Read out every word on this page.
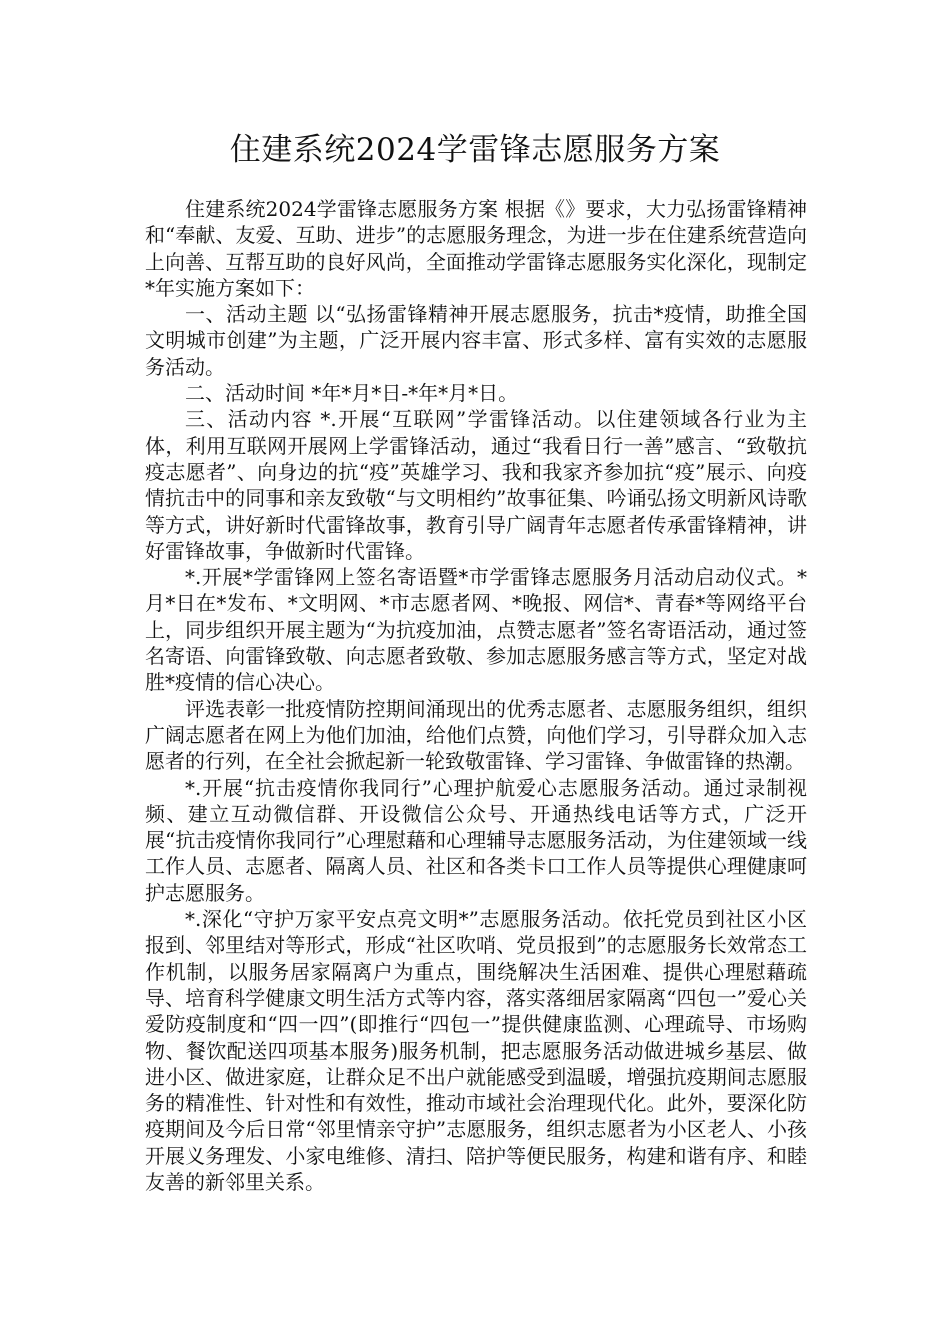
住建系统2024学雷锋志愿服务方案

住建系统2024学雷锋志愿服务方案 根据《》要求，大力弘扬雷锋精神和“奉献、友爱、互助、进步”的志愿服务理念，为进一步在住建系统营造向上向善、互帮互助的良好风尚，全面推动学雷锋志愿服务实化深化，现制定*年实施方案如下：

一、活动主题 以“弘扬雷锋精神开展志愿服务，抗击*疫情，助推全国文明城市创建”为主题，广泛开展内容丰富、形式多样、富有实效的志愿服务活动。

二、活动时间 *年*月*日-*年*月*日。

三、活动内容 *.开展“互联网”学雷锋活动。以住建领域各行业为主体，利用互联网开展网上学雷锋活动，通过“我看日行一善”感言、“致敬抗疫志愿者”、向身边的抗“疫”英雄学习、我和我家齐参加抗“疫”展示、向疫情抗击中的同事和亲友致敬“与文明相约”故事征集、吟诵弘扬文明新风诗歌等方式，讲好新时代雷锋故事，教育引导广阔青年志愿者传承雷锋精神，讲好雷锋故事，争做新时代雷锋。

*.开展*学雷锋网上签名寄语暨*市学雷锋志愿服务月活动启动仪式。*月*日在*发布、*文明网、*市志愿者网、*晚报、网信*、青春*等网络平台上，同步组织开展主题为“为抗疫加油，点赞志愿者”签名寄语活动，通过签名寄语、向雷锋致敬、向志愿者致敬、参加志愿服务感言等方式，坚定对战胜*疫情的信心决心。

评选表彰一批疫情防控期间涌现出的优秀志愿者、志愿服务组织，组织广阔志愿者在网上为他们加油，给他们点赞，向他们学习，引导群众加入志愿者的行列，在全社会掀起新一轮致敬雷锋、学习雷锋、争做雷锋的热潮。

*.开展“抗击疫情你我同行”心理护航爱心志愿服务活动。通过录制视频、建立互动微信群、开设微信公众号、开通热线电话等方式，广泛开展“抗击疫情你我同行”心理慰藉和心理辅导志愿服务活动，为住建领域一线工作人员、志愿者、隔离人员、社区和各类卡口工作人员等提供心理健康呵护志愿服务。

*.深化“守护万家平安点亮文明*”志愿服务活动。依托党员到社区小区报到、邻里结对等形式，形成“社区吹哨、党员报到”的志愿服务长效常态工作机制，以服务居家隔离户为重点，围绕解决生活困难、提供心理慰藉疏导、培育科学健康文明生活方式等内容，落实落细居家隔离“四包一”爱心关爱防疫制度和“四一四”(即推行“四包一”提供健康监测、心理疏导、市场购物、餐饮配送四项基本服务)服务机制，把志愿服务活动做进城乡基层、做进小区、做进家庭，让群众足不出户就能感受到温暖，增强抗疫期间志愿服务的精准性、针对性和有效性，推动市域社会治理现代化。此外，要深化防疫期间及今后日常“邻里情亲守护”志愿服务，组织志愿者为小区老人、小孩开展义务理发、小家电维修、清扫、陪护等便民服务，构建和谐有序、和睦友善的新邻里关系。
